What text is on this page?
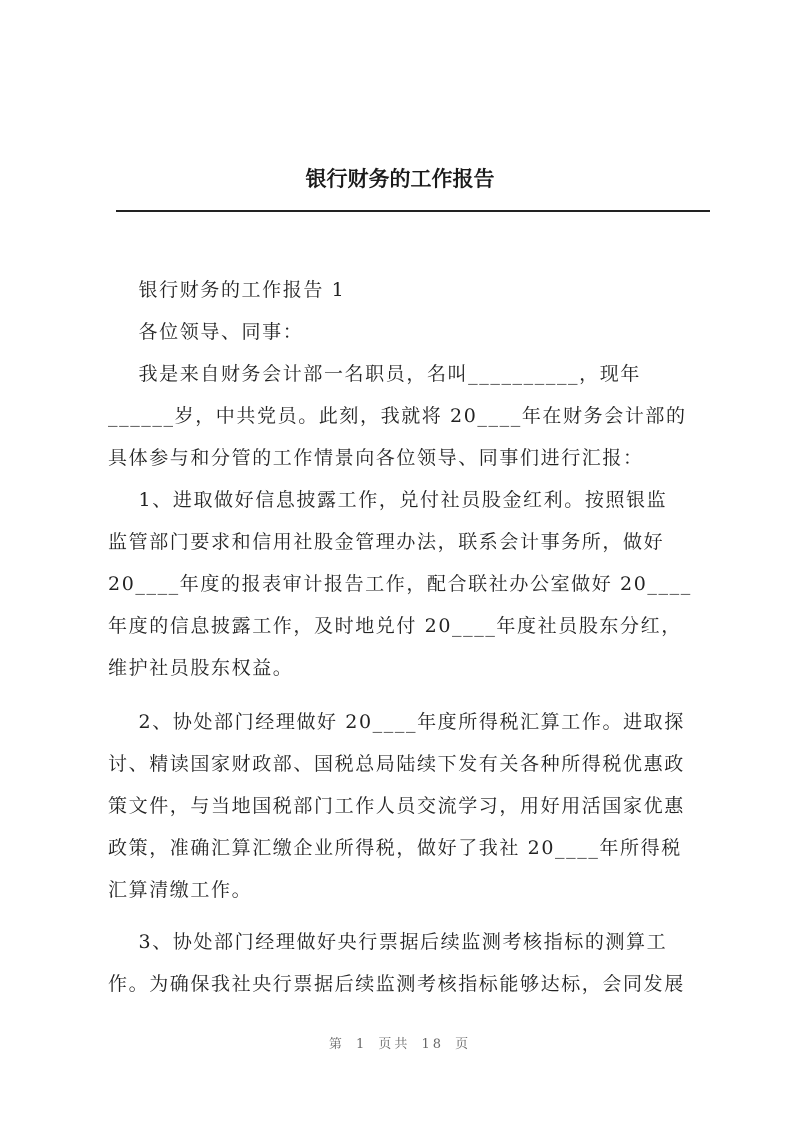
银行财务的工作报告
银行财务的工作报告 1
各位领导、同事：
我是来自财务会计部一名职员，名叫__________，现年
______岁，中共党员。此刻，我就将 20____年在财务会计部的
具体参与和分管的工作情景向各位领导、同事们进行汇报：
1、进取做好信息披露工作，兑付社员股金红利。按照银监
监管部门要求和信用社股金管理办法，联系会计事务所，做好
20____年度的报表审计报告工作，配合联社办公室做好 20____
年度的信息披露工作，及时地兑付 20____年度社员股东分红，
维护社员股东权益。
2、协处部门经理做好 20____年度所得税汇算工作。进取探
讨、精读国家财政部、国税总局陆续下发有关各种所得税优惠政
策文件，与当地国税部门工作人员交流学习，用好用活国家优惠
政策，准确汇算汇缴企业所得税，做好了我社 20____年所得税
汇算清缴工作。
3、协处部门经理做好央行票据后续监测考核指标的测算工
作。为确保我社央行票据后续监测考核指标能够达标，会同发展
第 1 页共 18 页
